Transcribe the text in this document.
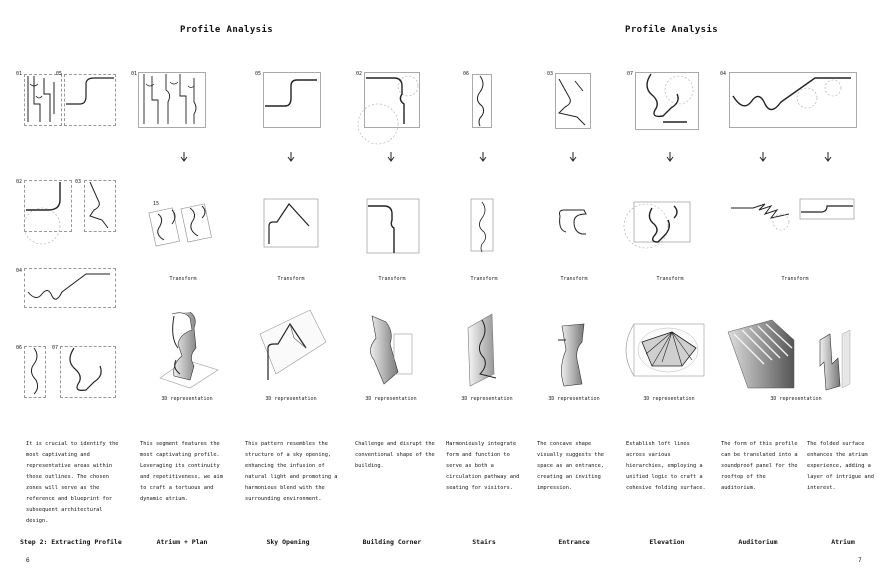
Profile Analysis	Profile Analysis
01	05
02	03
04
06	07
01	05	02	06	03	07	04
15
Transform	Transform	Transform	Transform	Transform	Transform	Transform
3D representation	3D representation	3D representation	3D representation	3D representation	3D representation	3D representation
It is crucial to identify the most captivating and representative areas within those outlines. The chosen zones will serve as the reference and blueprint for subsequent architectural design.
This segment features the most captivating profile. Leveraging its continuity and repetitiveness, we aim to craft a tortuous and dynamic atrium.
This pattern resembles the structure of a sky opening, enhancing the infusion of natural light and promoting a harmonious blend with the surrounding environment.
Challenge and disrupt the conventional shape of the building.
Harmoniously integrate form and function to serve as both a circulation pathway and seating for visitors.
The concave shape visually suggests the space as an entrance, creating an inviting impression.
Establish loft lines across various hierarchies, employing a unified logic to craft a cohesive folding surface.
The form of this profile can be translated into a soundproof panel for the rooftop of the auditorium.
The folded surface enhances the atrium experience, adding a layer of intrigue and interest.
Step 2: Extracting Profile	Atrium + Plan	Sky Opening	Building Corner	Stairs	Entrance	Elevation	Auditorium	Atrium
6	7
